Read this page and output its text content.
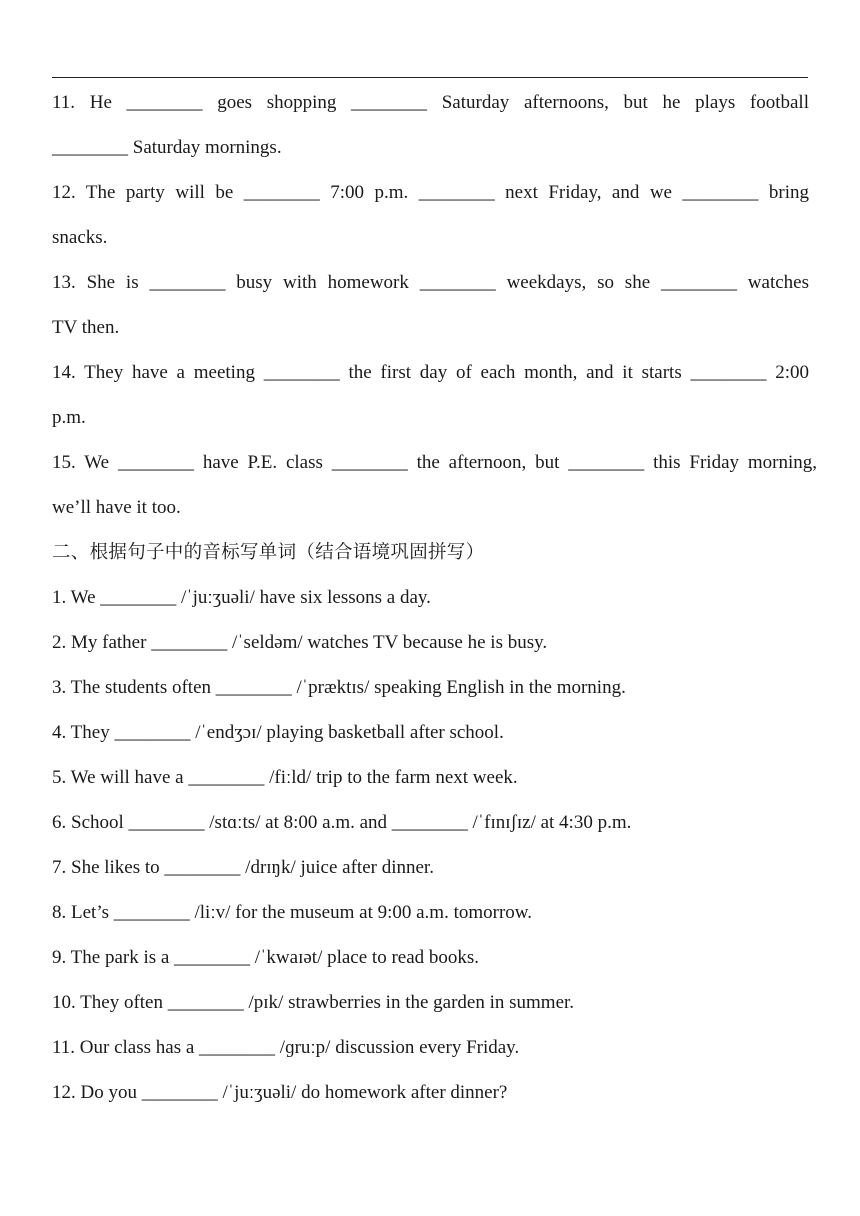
11. He ________ goes shopping ________ Saturday afternoons, but he plays football
________ Saturday mornings.
12. The party will be ________ 7:00 p.m. ________ next Friday, and we ________ bring
snacks.
13. She is ________ busy with homework ________ weekdays, so she ________ watches
TV then.
14. They have a meeting ________ the first day of each month, and it starts ________ 2:00
p.m.
15. We ________ have P.E. class ________ the afternoon, but ________ this Friday morning,
we’ll have it too.
二、根据句子中的音标写单词（结合语境巩固拼写）
1. We ________ /ˈjuːʒuəli/ have six lessons a day.
2. My father ________ /ˈseldəm/ watches TV because he is busy.
3. The students often ________ /ˈpræktɪs/ speaking English in the morning.
4. They ________ /ˈendʒɔɪ/ playing basketball after school.
5. We will have a ________ /fiːld/ trip to the farm next week.
6. School ________ /stɑːts/ at 8:00 a.m. and ________ /ˈfɪnɪʃɪz/ at 4:30 p.m.
7. She likes to ________ /drɪŋk/ juice after dinner.
8. Let’s ________ /liːv/ for the museum at 9:00 a.m. tomorrow.
9. The park is a ________ /ˈkwaɪət/ place to read books.
10. They often ________ /pɪk/ strawberries in the garden in summer.
11. Our class has a ________ /ɡruːp/ discussion every Friday.
12. Do you ________ /ˈjuːʒuəli/ do homework after dinner?
